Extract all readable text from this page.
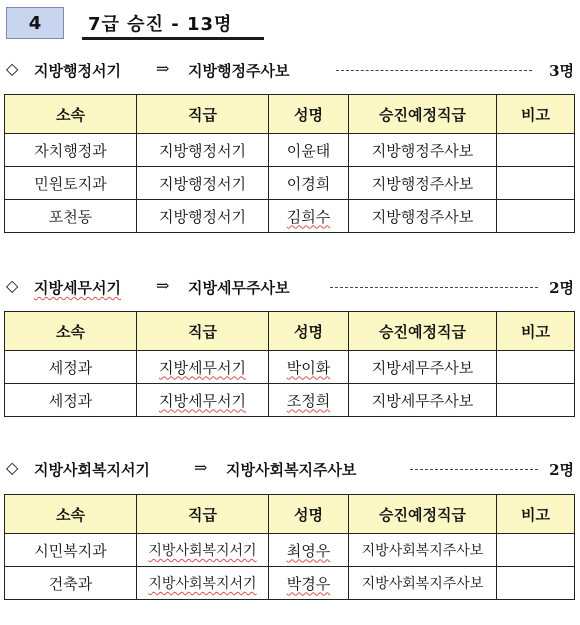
4	7급 승진 - 13명
◇ 지방행정서기 ⇒ 지방행정주사보	3명
소속	직급	성명	승진예정직급	비고
자치행정과	지방행정서기	이윤태	지방행정주사보	
민원토지과	지방행정서기	이경희	지방행정주사보	
포천동	지방행정서기	김희수	지방행정주사보	
◇ 지방세무서기 ⇒ 지방세무주사보	2명
소속	직급	성명	승진예정직급	비고
세정과	지방세무서기	박이화	지방세무주사보	
세정과	지방세무서기	조정희	지방세무주사보	
◇ 지방사회복지서기	⇒ 지방사회복지주사보	2명
소속	직급	성명	승진예정직급	비고
시민복지과	지방사회복지서기	최영우	지방사회복지주사보	
건축과	지방사회복지서기	박경우	지방사회복지주사보	
